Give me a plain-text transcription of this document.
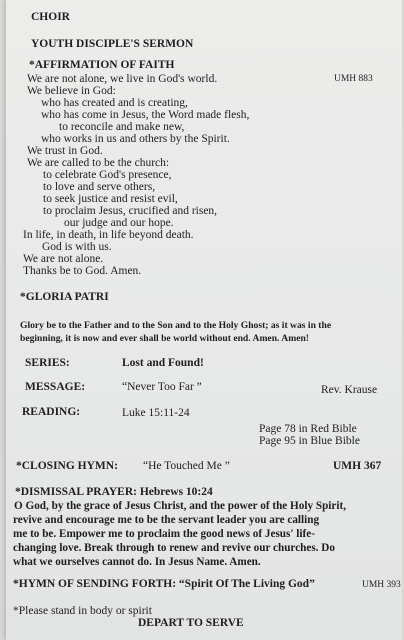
CHOIR
YOUTH DISCIPLE'S SERMON
*AFFIRMATION OF FAITH
UMH 883
We are not alone, we live in God's world.
We believe in God:
who has created and is creating,
who has come in Jesus, the Word made flesh,
to reconcile and make new,
who works in us and others by the Spirit.
We trust in God.
We are called to be the church:
to celebrate God's presence,
to love and serve others,
to seek justice and resist evil,
to proclaim Jesus, crucified and risen,
our judge and our hope.
In life, in death, in life beyond death.
God is with us.
We are not alone.
Thanks be to God. Amen.
*GLORIA PATRI
Glory be to the Father and to the Son and to the Holy Ghost; as it was in the
beginning, it is now and ever shall be world without end. Amen. Amen!
SERIES:	Lost and Found!
MESSAGE:	“Never Too Far ”	Rev. Krause
READING:	Luke 15:11-24
Page 78 in Red Bible
Page 95 in Blue Bible
*CLOSING HYMN: “He Touched Me ”	UMH 367
*DISMISSAL PRAYER: Hebrews 10:24
O God, by the grace of Jesus Christ, and the power of the Holy Spirit,
revive and encourage me to be the servant leader you are calling
me to be. Empower me to proclaim the good news of Jesus' life-
changing love. Break through to renew and revive our churches. Do
what we ourselves cannot do. In Jesus Name. Amen.
*HYMN OF SENDING FORTH: “Spirit Of The Living God”	UMH 393
*Please stand in body or spirit
DEPART TO SERVE
